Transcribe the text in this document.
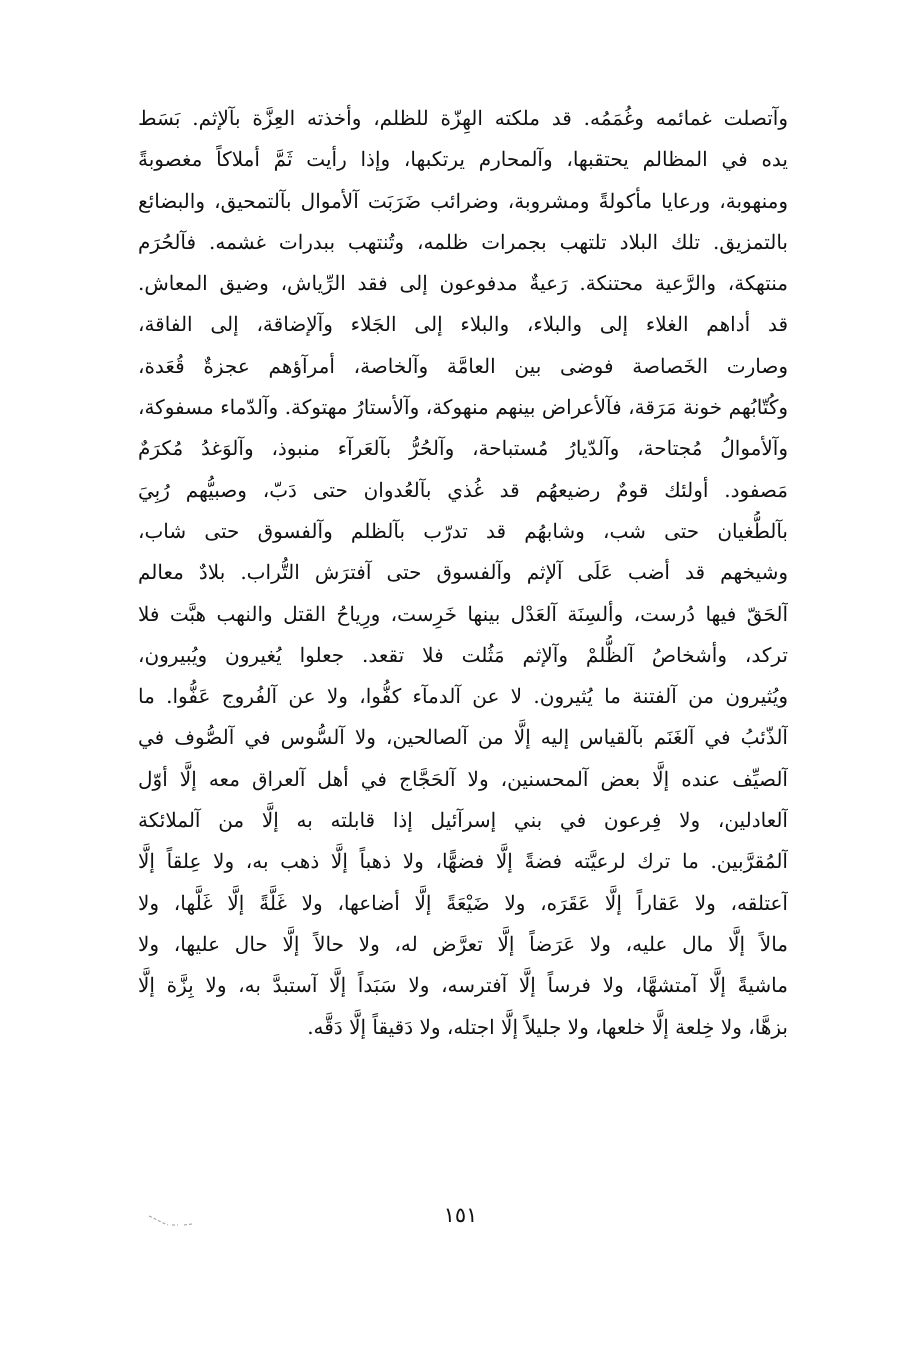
وآتصلت غمائمه وغُمَمُه. قد ملكته الهِزّة للظلم، وأخذته العِزَّة بآلإثم. بَسَط
يده في المظالم يحتقبها، وآلمحارم يرتكبها، وإذا رأيت ثَمَّ أملاكاً مغصوبةً
ومنهوبة، ورعايا مأكولةً ومشروبة، وضرائب ضَرَبَت آلأموال بآلتمحيق، والبضائع
بالتمزيق. تلك البلاد تلتهب بجمرات ظلمه، وتُنتهب ببدرات غشمه. فآلحُرَم
منتهكة، والرَّعية محتنكة. رَعيةٌ مدفوعون إلى فقد الرِّياش، وضيق المعاش.
قد أداهم الغلاء إلى والبلاء، والبلاء إلى الجَلاء وآلإضاقة، إلى الفاقة،
وصارت الخَصاصة فوضى بين العامَّة وآلخاصة، أمرآؤهم عجزةٌ قُعَدة،
وكُتّابُهم خونة مَرَقة، فآلأعراض بينهم منهوكة، وآلأستارُ مهتوكة. وآلدّماء مسفوكة،
وآلأموالُ مُجتاحة، وآلدّيارُ مُستباحة، وآلحُرُّ بآلعَرآء منبوذ، وآلوَغدُ مُكرَمٌ
مَصفود. أولئك قومٌ رضيعهُم قد غُذي بآلعُدوان حتى دَبّ، وصبيُّهم رُبِيَ
بآلطُّغيان حتى شب، وشابهُم قد تدرّب بآلظلم وآلفسوق حتى شاب،
وشيخهم قد أضب عَلَى آلإثم وآلفسوق حتى آفترَش التُّراب. بلادٌ معالم
آلحَقّ فيها دُرست، وألسِنَة آلعَدْل بينها خَرِست، ورِياحُ القتل والنهب هبَّت فلا
تركد، وأشخاصُ آلظُّلمْ وآلإثم مَثُلت فلا تقعد. جعلوا يُغيرون ويُبيرون،
ويُثيرون من آلفتنة ما يُثيرون. لا عن آلدمآء كفُّوا، ولا عن آلفُروج عَفُّوا. ما
آلذّئبُ في آلغَنَم بآلقياس إليه إلَّا من آلصالحين، ولا آلسُّوس في آلصُّوف في
آلصيِّف عنده إلَّا بعض آلمحسنين، ولا آلحَجَّاج في أهل آلعراق معه إلَّا أوّل
آلعادلين، ولا فِرعون في بني إسرآئيل إذا قابلته به إلَّا من آلملائكة
آلمُقرَّبين. ما ترك لرعيَّته فضةً إلَّا فضهًّا، ولا ذهباً إلَّا ذهب به، ولا عِلقاً إلَّا
آعتلقه، ولا عَقاراً إلَّا عَقَرَه، ولا ضَيْعَةً إلَّا أضاعها، ولا غَلَّةً إلَّا غَلَّها، ولا
مالاً إلَّا مال عليه، ولا عَرَضاً إلَّا تعرَّض له، ولا حالاً إلَّا حال عليها، ولا
ماشيةً إلَّا آمتشهَّا، ولا فرساً إلَّا آفترسه، ولا سَبَداً إلَّا آستبدَّ به، ولا بِزَّة إلَّا
بزهَّا، ولا خِلعة إلَّا خلعها، ولا جليلاً إلَّا اجتله، ولا دَقيقاً إلَّا دَقَّه.
١٥١
